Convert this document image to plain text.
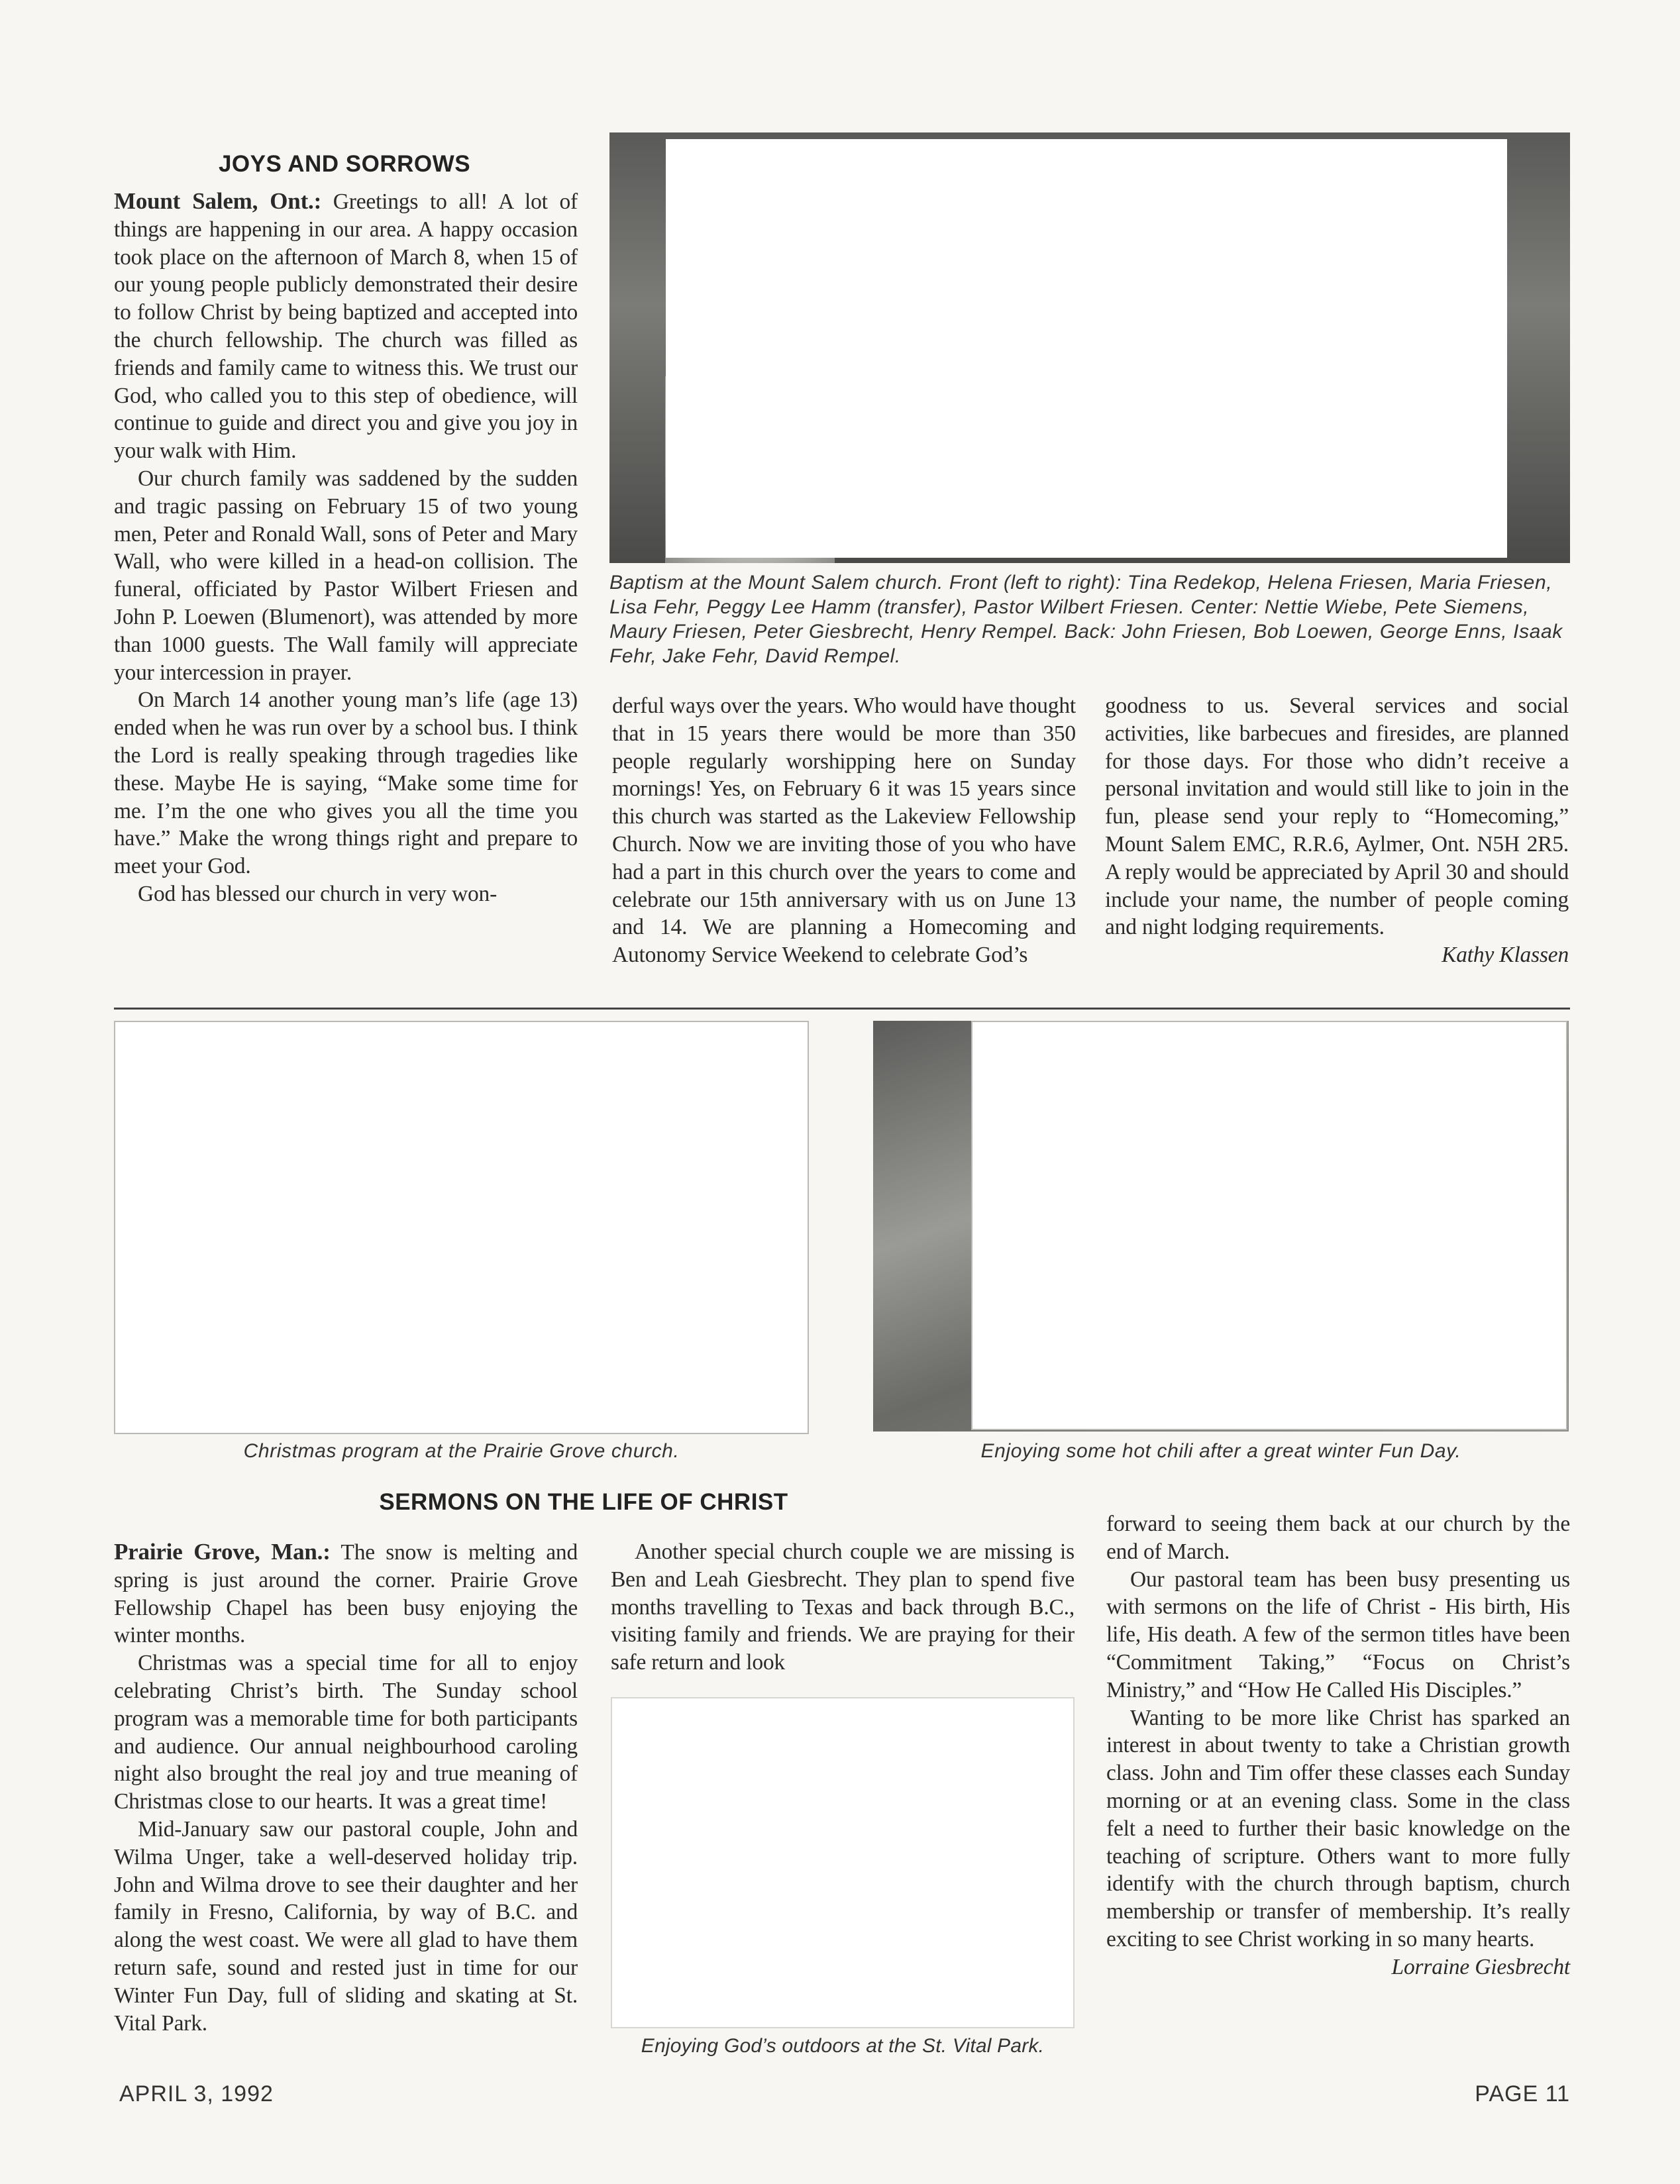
JOYS AND SORROWS

Mount Salem, Ont.: Greetings to all! A lot of things are happening in our area. A happy occasion took place on the afternoon of March 8, when 15 of our young people publicly demonstrated their desire to follow Christ by being baptized and accepted into the church fellowship. The church was filled as friends and family came to witness this. We trust our God, who called you to this step of obedience, will continue to guide and direct you and give you joy in your walk with Him.

Our church family was saddened by the sudden and tragic passing on February 15 of two young men, Peter and Ronald Wall, sons of Peter and Mary Wall, who were killed in a head-on collision. The funeral, officiated by Pastor Wilbert Friesen and John P. Loewen (Blumenort), was attended by more than 1000 guests. The Wall family will appreciate your intercession in prayer.

On March 14 another young man’s life (age 13) ended when he was run over by a school bus. I think the Lord is really speaking through tragedies like these. Maybe He is saying, “Make some time for me. I’m the one who gives you all the time you have.” Make the wrong things right and prepare to meet your God.

God has blessed our church in very won-

Baptism at the Mount Salem church. Front (left to right): Tina Redekop, Helena Friesen, Maria Friesen, Lisa Fehr, Peggy Lee Hamm (transfer), Pastor Wilbert Friesen. Center: Nettie Wiebe, Pete Siemens, Maury Friesen, Peter Giesbrecht, Henry Rempel. Back: John Friesen, Bob Loewen, George Enns, Isaak Fehr, Jake Fehr, David Rempel.

derful ways over the years. Who would have thought that in 15 years there would be more than 350 people regularly worshipping here on Sunday mornings! Yes, on February 6 it was 15 years since this church was started as the Lakeview Fellowship Church. Now we are inviting those of you who have had a part in this church over the years to come and celebrate our 15th anniversary with us on June 13 and 14. We are planning a Homecoming and Autonomy Service Weekend to celebrate God’s

goodness to us. Several services and social activities, like barbecues and firesides, are planned for those days. For those who didn’t receive a personal invitation and would still like to join in the fun, please send your reply to “Homecoming,” Mount Salem EMC, R.R.6, Aylmer, Ont. N5H 2R5. A reply would be appreciated by April 30 and should include your name, the number of people coming and night lodging requirements.

Kathy Klassen

Christmas program at the Prairie Grove church.	Enjoying some hot chili after a great winter Fun Day.
SERMONS ON THE LIFE OF CHRIST

Prairie Grove, Man.: The snow is melting and spring is just around the corner. Prairie Grove Fellowship Chapel has been busy enjoying the winter months.

Christmas was a special time for all to enjoy celebrating Christ’s birth. The Sunday school program was a memorable time for both participants and audience. Our annual neighbourhood caroling night also brought the real joy and true meaning of Christmas close to our hearts. It was a great time!

Mid-January saw our pastoral couple, John and Wilma Unger, take a well-deserved holiday trip. John and Wilma drove to see their daughter and her family in Fresno, California, by way of B.C. and along the west coast. We were all glad to have them return safe, sound and rested just in time for our Winter Fun Day, full of sliding and skating at St. Vital Park.

Another special church couple we are missing is Ben and Leah Giesbrecht. They plan to spend five months travelling to Texas and back through B.C., visiting family and friends. We are praying for their safe return and look

Enjoying God’s outdoors at the St. Vital Park.

forward to seeing them back at our church by the end of March.

Our pastoral team has been busy presenting us with sermons on the life of Christ - His birth, His life, His death. A few of the sermon titles have been “Commitment Taking,” “Focus on Christ’s Ministry,” and “How He Called His Disciples.”

Wanting to be more like Christ has sparked an interest in about twenty to take a Christian growth class. John and Tim offer these classes each Sunday morning or at an evening class. Some in the class felt a need to further their basic knowledge on the teaching of scripture. Others want to more fully identify with the church through baptism, church membership or transfer of membership. It’s really exciting to see Christ working in so many hearts.

Lorraine Giesbrecht

APRIL 3, 1992	PAGE 11
